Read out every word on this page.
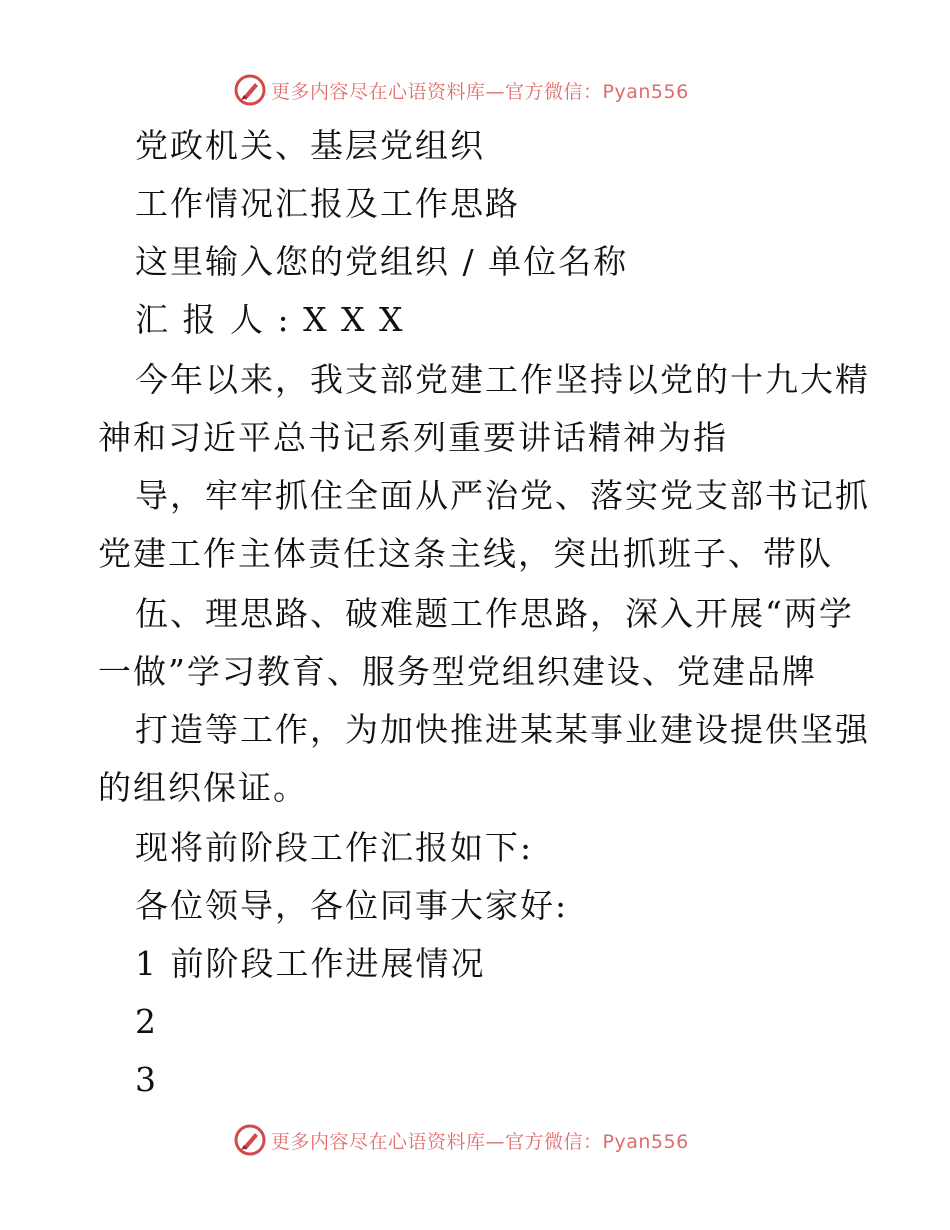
更多内容尽在心语资料库—官方微信：Pyan556
党政机关、基层党组织
工作情况汇报及工作思路
这里输入您的党组织 / 单位名称
汇 报 人 : X X X
今年以来，我支部党建工作坚持以党的十九大精
神和习近平总书记系列重要讲话精神为指
导，牢牢抓住全面从严治党、落实党支部书记抓
党建工作主体责任这条主线，突出抓班子、带队
伍、理思路、破难题工作思路，深入开展“两学
一做”学习教育、服务型党组织建设、党建品牌
打造等工作，为加快推进某某事业建设提供坚强
的组织保证。
现将前阶段工作汇报如下:
各位领导，各位同事大家好:
1 前阶段工作进展情况
2
3
更多内容尽在心语资料库—官方微信：Pyan556
